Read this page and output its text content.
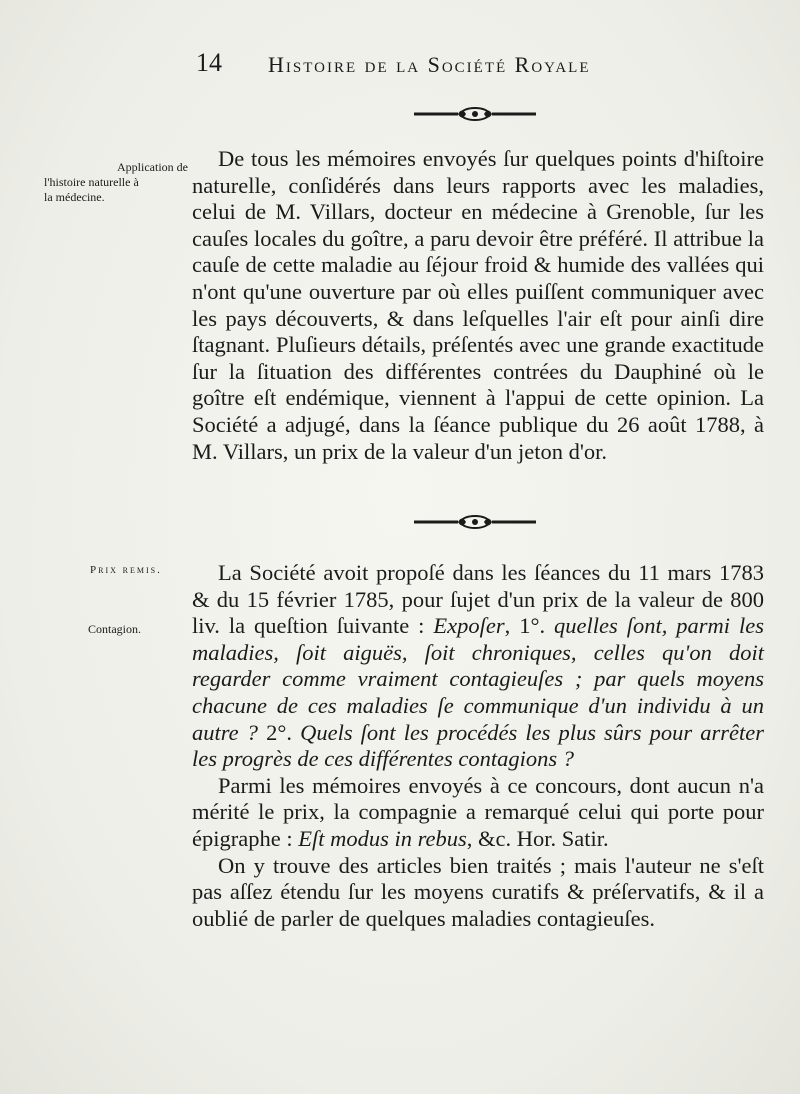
14 Histoire de la Société Royale
Application de
l'histoire naturelle à
la médecine.

De tous les mémoires envoyés ſur quelques points d'hiſtoire naturelle, conſidérés dans leurs rapports avec les maladies, celui de M. Villars, docteur en médecine à Grenoble, ſur les cauſes locales du goître, a paru devoir être préféré. Il attribue la cauſe de cette maladie au ſéjour froid & humide des vallées qui n'ont qu'une ouverture par où elles puiſſent communiquer avec les pays découverts, & dans leſquelles l'air eſt pour ainſi dire ſtagnant. Pluſieurs détails, préſentés avec une grande exactitude ſur la ſituation des différentes contrées du Dauphiné où le goître eſt endémique, viennent à l'appui de cette opinion. La Société a adjugé, dans la ſéance publique du 26 août 1788, à M. Villars, un prix de la valeur d'un jeton d'or.

Prix remis.
Contagion.

La Société avoit propoſé dans les ſéances du 11 mars 1783 & du 15 février 1785, pour ſujet d'un prix de la valeur de 800 liv. la queſtion ſuivante : Expoſer, 1°. quelles ſont, parmi les maladies, ſoit aiguës, ſoit chroniques, celles qu'on doit regarder comme vraiment contagieuſes ; par quels moyens chacune de ces maladies ſe communique d'un individu à un autre ? 2°. Quels ſont les procédés les plus sûrs pour arrêter les progrès de ces différentes contagions ?

Parmi les mémoires envoyés à ce concours, dont aucun n'a mérité le prix, la compagnie a remarqué celui qui porte pour épigraphe : Eſt modus in rebus, &c. Hor. Satir.

On y trouve des articles bien traités ; mais l'auteur ne s'eſt pas aſſez étendu ſur les moyens curatifs & préſervatifs, & il a oublié de parler de quelques maladies contagieuſes.
